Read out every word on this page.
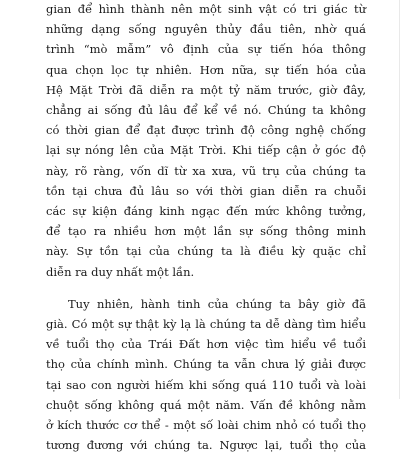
gian để hình thành nên một sinh vật có tri giác từ
những dạng sống nguyên thủy đầu tiên, nhờ quá
trình “mò mẫm” vô định của sự tiến hóa thông
qua chọn lọc tự nhiên. Hơn nữa, sự tiến hóa của
Hệ Mặt Trời đã diễn ra một tỷ năm trước, giờ đây,
chẳng ai sống đủ lâu để kể về nó. Chúng ta không
có thời gian để đạt được trình độ công nghệ chống
lại sự nóng lên của Mặt Trời. Khi tiếp cận ở góc độ
này, rõ ràng, vốn dĩ từ xa xưa, vũ trụ của chúng ta
tồn tại chưa đủ lâu so với thời gian diễn ra chuỗi
các sự kiện đáng kinh ngạc đến mức không tưởng,
để tạo ra nhiều hơn một lần sự sống thông minh
này. Sự tồn tại của chúng ta là điều kỳ quặc chỉ
diễn ra duy nhất một lần.

Tuy nhiên, hành tinh của chúng ta bây giờ đã
già. Có một sự thật kỳ lạ là chúng ta dễ dàng tìm hiểu
về tuổi thọ của Trái Đất hơn việc tìm hiểu về tuổi
thọ của chính mình. Chúng ta vẫn chưa lý giải được
tại sao con người hiếm khi sống quá 110 tuổi và loài
chuột sống không quá một năm. Vấn đề không nằm
ở kích thước cơ thể - một số loài chim nhỏ có tuổi thọ
tương đương với chúng ta. Ngược lại, tuổi thọ của
